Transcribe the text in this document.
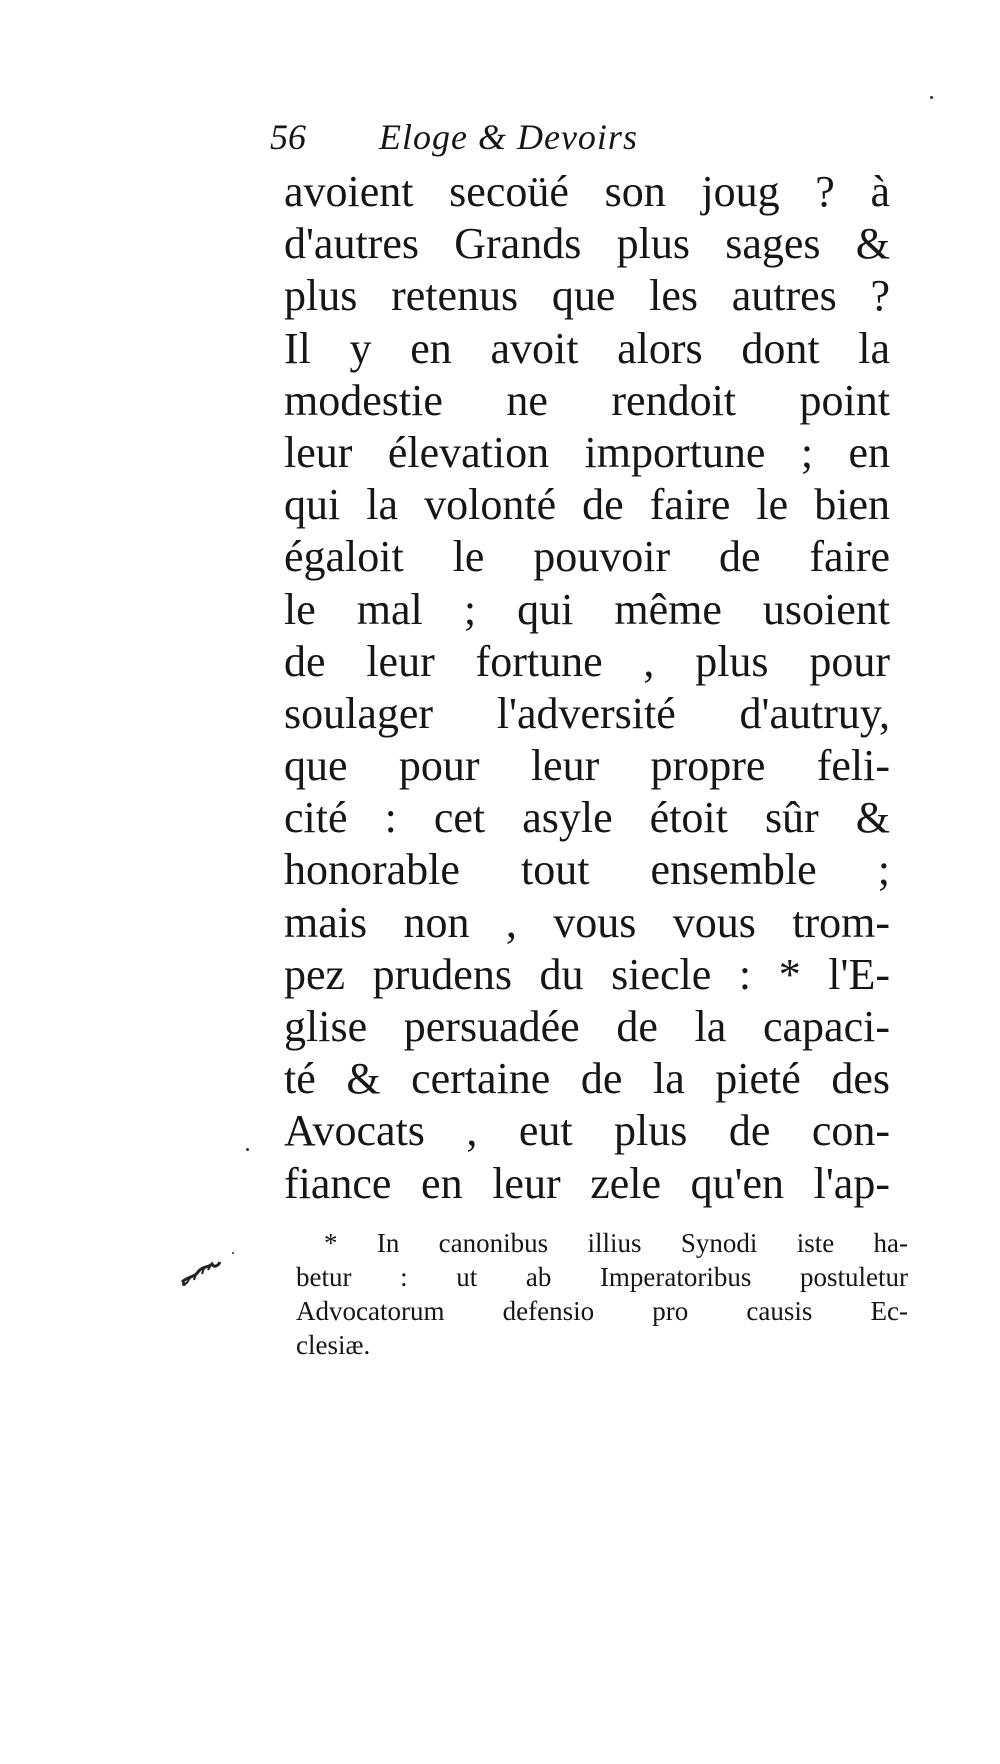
56 Eloge & Devoirs
avoient secoüé son joug ? à
d'autres Grands plus sages &
plus retenus que les autres ?
Il y en avoit alors dont la
modestie ne rendoit point
leur élevation importune ; en
qui la volonté de faire le bien
égaloit le pouvoir de faire
le mal ; qui même usoient
de leur fortune , plus pour
soulager l'adversité d'autruy,
que pour leur propre feli-
cité : cet asyle étoit sûr &
honorable tout ensemble ;
mais non , vous vous trom-
pez prudens du siecle : * l'E-
glise persuadée de la capaci-
té & certaine de la pieté des
Avocats , eut plus de con-
fiance en leur zele qu'en l'ap-
* In canonibus illius Synodi iste ha-
betur : ut ab Imperatoribus postuletur
Advocatorum defensio pro causis Ec-
clesiæ.
